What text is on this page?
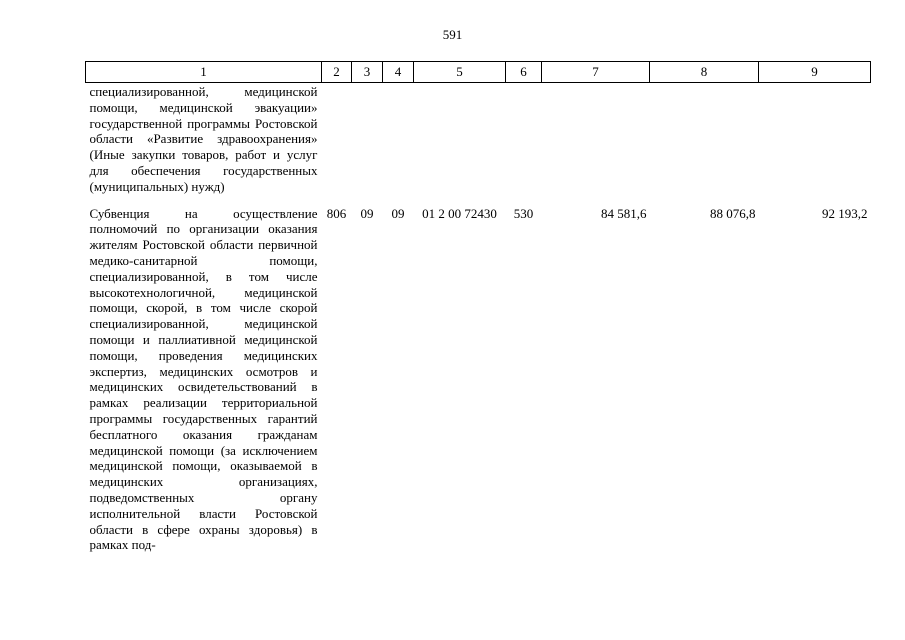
591
1	2	3	4	5	6	7	8	9
специализированной, медицинской помощи, медицинской эвакуации» государственной программы Ростовской области «Развитие здравоохранения» (Иные закупки товаров, работ и услуг для обеспечения государственных (муниципальных) нужд)								

Субвенция на осуществление полномочий по организации оказания жителям Ростовской области первичной медико-санитарной помощи, специализированной, в том числе высокотехнологичной, медицинской помощи, скорой, в том числе скорой специализированной, медицинской помощи и паллиативной медицинской помощи, проведения медицинских экспертиз, медицинских осмотров и медицинских освидетельствований в рамках реализации территориальной программы государственных гарантий бесплатного оказания гражданам медицинской помощи (за исключением медицинской помощи, оказываемой в медицинских организациях, подведомственных органу исполнительной власти Ростовской области в сфере охраны здоровья) в рамках под-	806	09	09	01 2 00 72430	530	84 581,6	88 076,8	92 193,2
